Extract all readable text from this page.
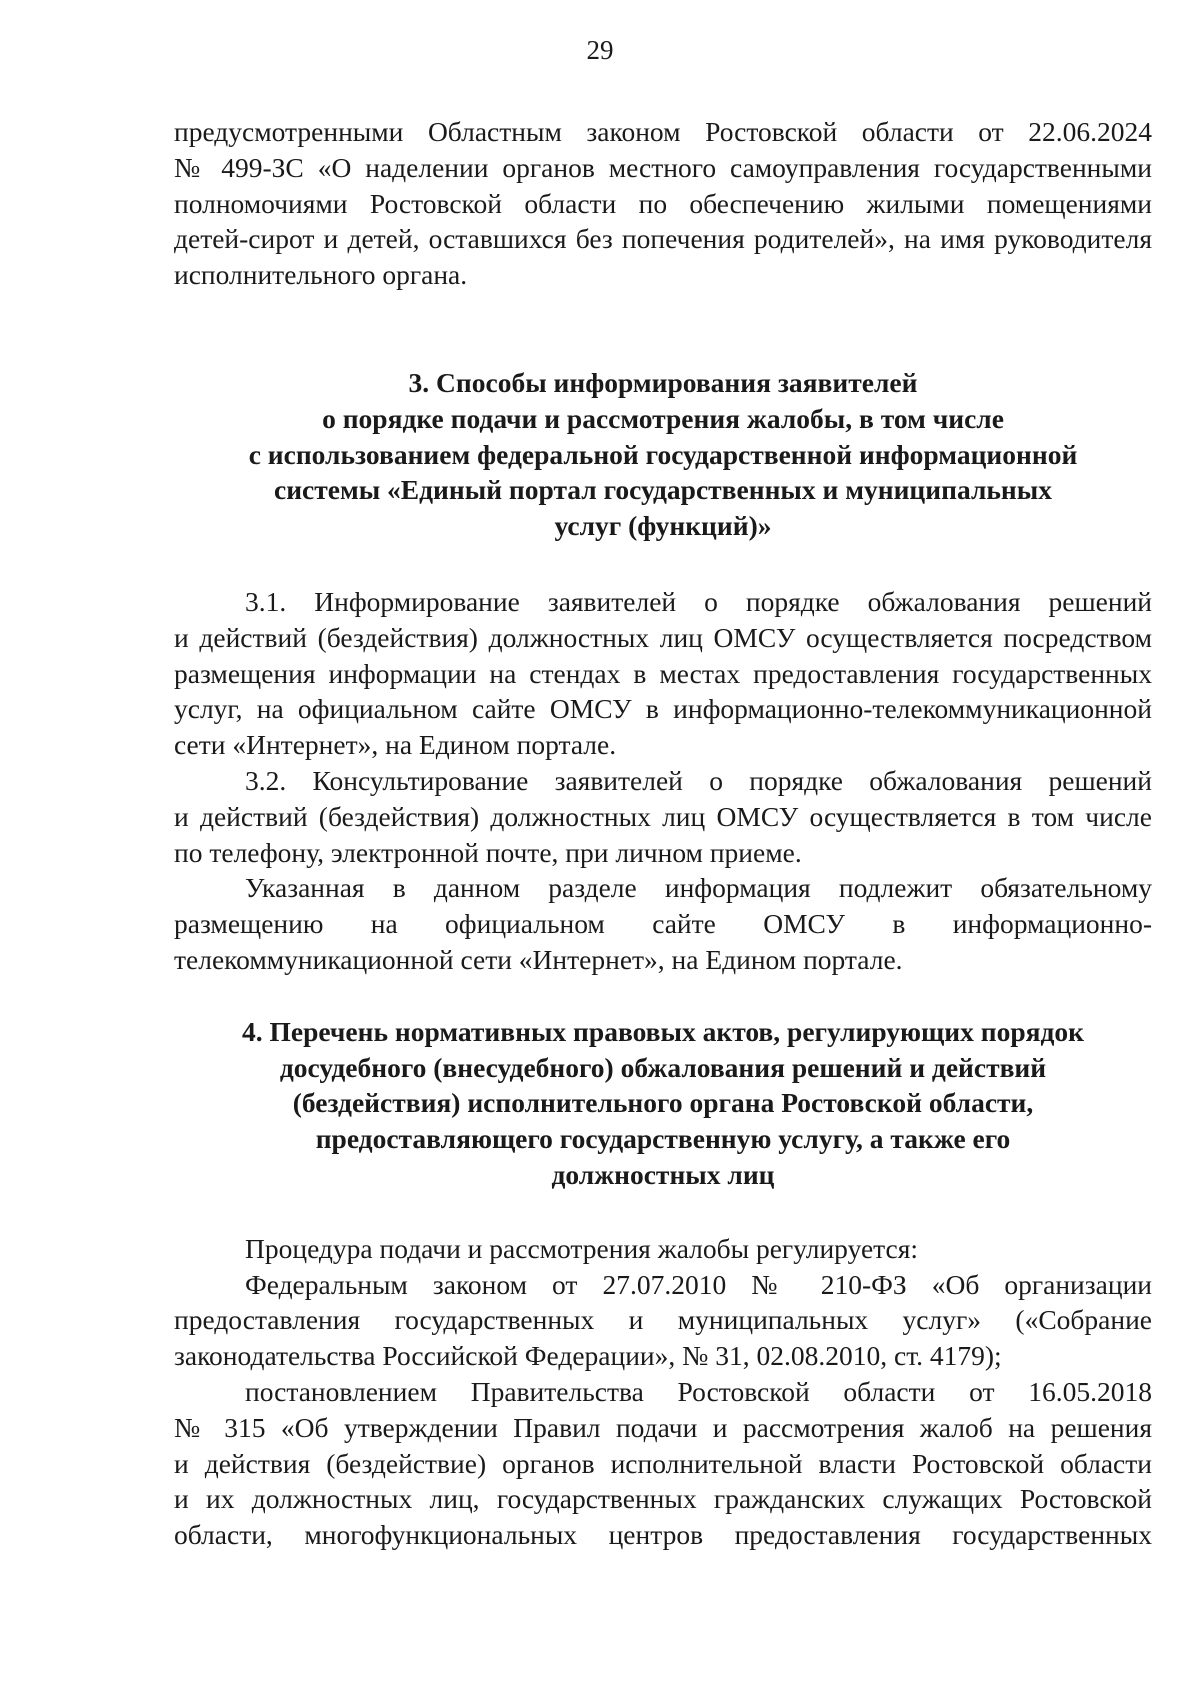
29
предусмотренными Областным законом Ростовской области от 22.06.2024
№ 499-ЗС «О наделении органов местного самоуправления государственными
полномочиями Ростовской области по обеспечению жилыми помещениями
детей-сирот и детей, оставшихся без попечения родителей», на имя руководителя
исполнительного органа.
3. Способы информирования заявителей
о порядке подачи и рассмотрения жалобы, в том числе
с использованием федеральной государственной информационной
системы «Единый портал государственных и муниципальных
услуг (функций)»
3.1. Информирование заявителей о порядке обжалования решений
и действий (бездействия) должностных лиц ОМСУ осуществляется посредством
размещения информации на стендах в местах предоставления государственных
услуг, на официальном сайте ОМСУ в информационно-телекоммуникационной
сети «Интернет», на Едином портале.
3.2. Консультирование заявителей о порядке обжалования решений
и действий (бездействия) должностных лиц ОМСУ осуществляется в том числе
по телефону, электронной почте, при личном приеме.
Указанная в данном разделе информация подлежит обязательному
размещению на официальном сайте ОМСУ в информационно-
телекоммуникационной сети «Интернет», на Едином портале.
4. Перечень нормативных правовых актов, регулирующих порядок
досудебного (внесудебного) обжалования решений и действий
(бездействия) исполнительного органа Ростовской области,
предоставляющего государственную услугу, а также его
должностных лиц
Процедура подачи и рассмотрения жалобы регулируется:
Федеральным законом от 27.07.2010 № 210-ФЗ «Об организации
предоставления государственных и муниципальных услуг» («Собрание
законодательства Российской Федерации», № 31, 02.08.2010, ст. 4179);
постановлением Правительства Ростовской области от 16.05.2018
№ 315 «Об утверждении Правил подачи и рассмотрения жалоб на решения
и действия (бездействие) органов исполнительной власти Ростовской области
и их должностных лиц, государственных гражданских служащих Ростовской
области, многофункциональных центров предоставления государственных
